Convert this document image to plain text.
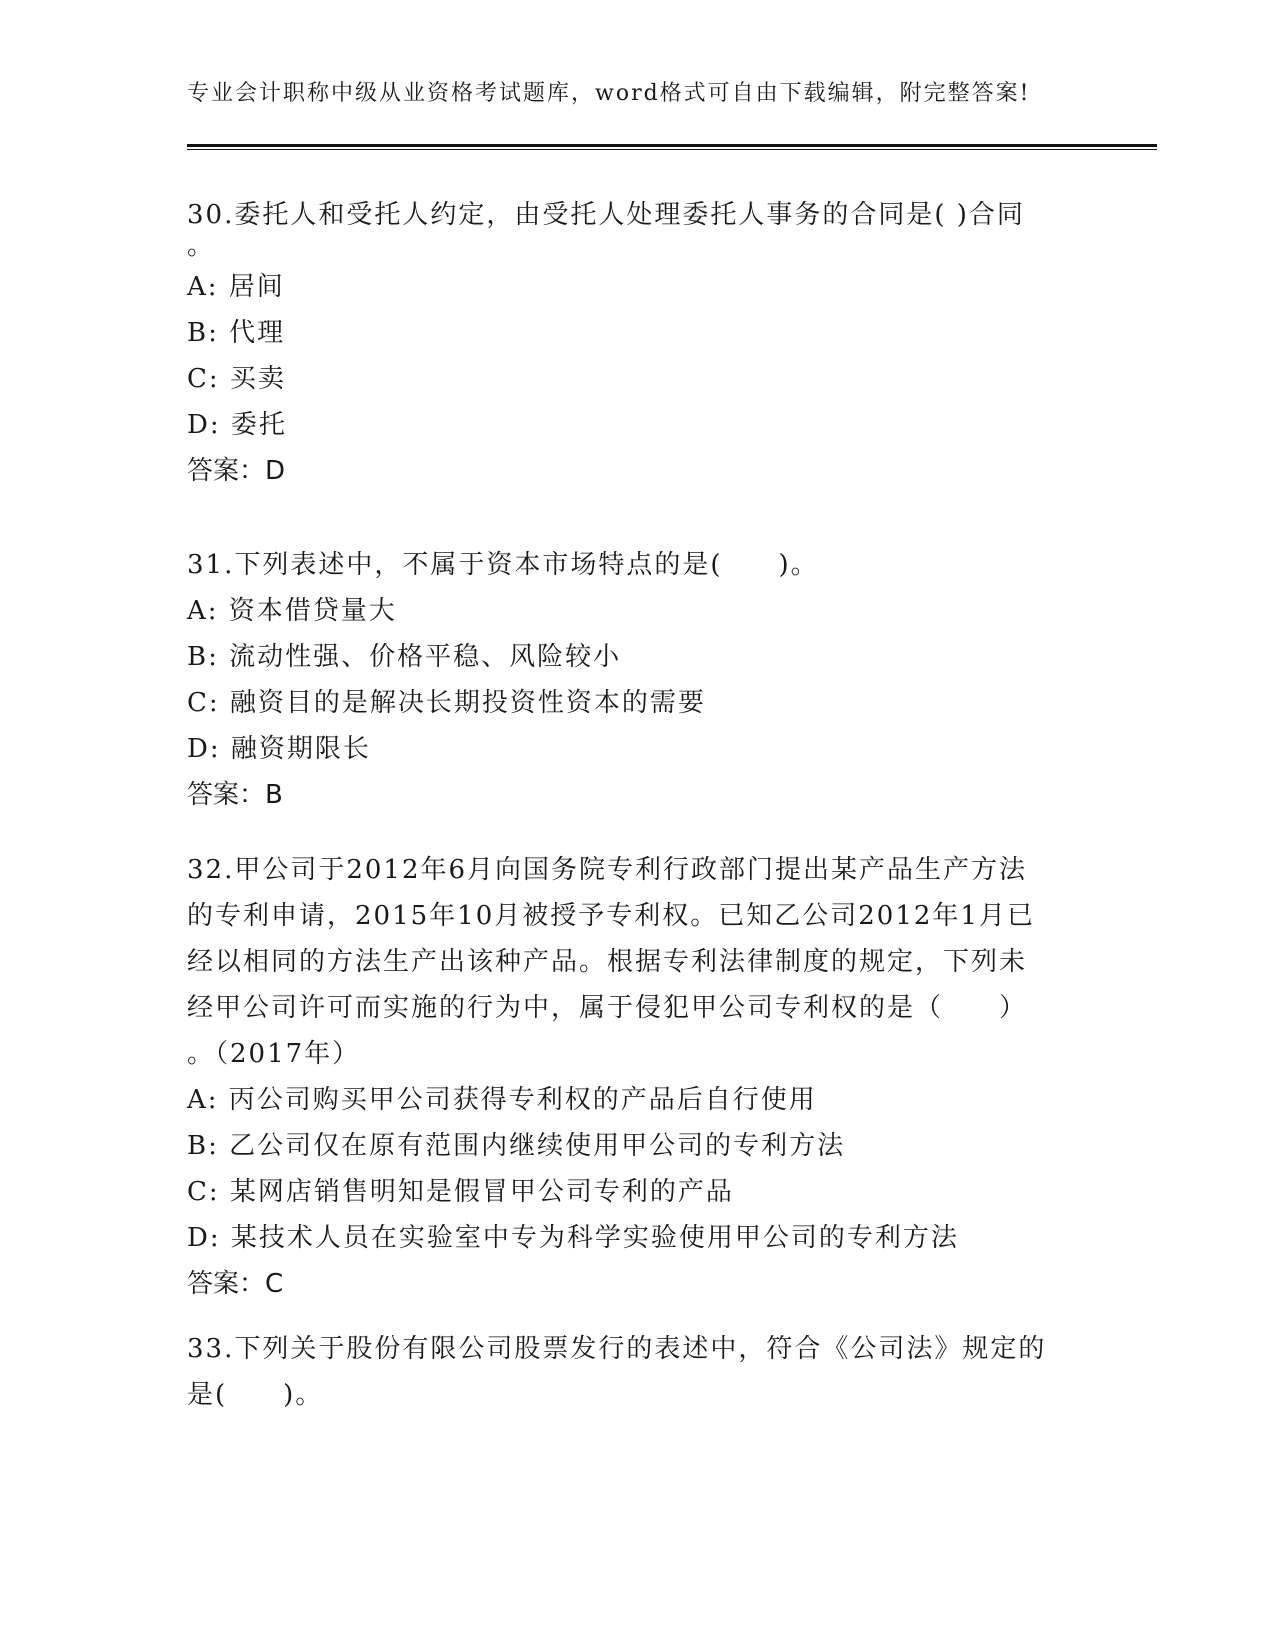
专业会计职称中级从业资格考试题库，word格式可自由下载编辑，附完整答案!
30.委托人和受托人约定，由受托人处理委托人事务的合同是( )合同
。
A: 居间
B: 代理
C: 买卖
D: 委托
答案：D
31.下列表述中，不属于资本市场特点的是(　　)。
A: 资本借贷量大
B: 流动性强、价格平稳、风险较小
C: 融资目的是解决长期投资性资本的需要
D: 融资期限长
答案：B
32.甲公司于2012年6月向国务院专利行政部门提出某产品生产方法
的专利申请，2015年10月被授予专利权。已知乙公司2012年1月已
经以相同的方法生产出该种产品。根据专利法律制度的规定，下列未
经甲公司许可而实施的行为中，属于侵犯甲公司专利权的是（　　）
。（2017年）
A: 丙公司购买甲公司获得专利权的产品后自行使用
B: 乙公司仅在原有范围内继续使用甲公司的专利方法
C: 某网店销售明知是假冒甲公司专利的产品
D: 某技术人员在实验室中专为科学实验使用甲公司的专利方法
答案：C
33.下列关于股份有限公司股票发行的表述中，符合《公司法》规定的
是(　　)。
